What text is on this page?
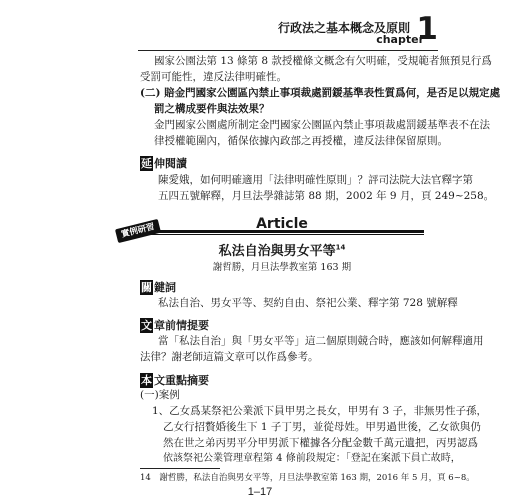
行政法之基本概念及原則
chapter
1
國家公園法第 13 條第 8 款授權條文概念有欠明確，受規範者無預見行爲
受罰可能性，違反法律明確性。
(二) 賠金門國家公園區內禁止事項裁處罰鍰基準表性質爲何，是否足以規定處
罰之構成要件與法效果？
金門國家公園處所制定金門國家公園區內禁止事項裁處罰鍰基準表不在法
律授權範圍內，循保依據內政部之再授權，違反法律保留原則。
延 伸閱讀
陳愛娥，如何明確適用「法律明確性原則」？評司法院大法官釋字第
五四五號解釋，月旦法學雜誌第 88 期，2002 年 9 月，頁 249~258。
Article
實例研習
私法自治與男女平等$^{14}$
謝哲勝，月旦法學教室第 163 期
關 鍵詞
私法自治、男女平等、契約自由、祭祀公業、釋字第 728 號解釋
文 章前情提要
當「私法自治」與「男女平等」這二個原則競合時，應該如何解釋適用
法律？謝老師這篇文章可以作爲參考。
本 文重點摘要
(一)案例
1、乙女爲某祭祀公業派下員甲男之長女，甲男有 3 子，非無男性子孫，
乙女行招贅婚後生下 1 子丁男，並從母姓。甲男過世後，乙女欲與仍
然在世之弟丙男平分甲男派下權據各分配金數千萬元遺把，丙男認爲
依該祭祀公業管理章程第 4 條前段規定：「登記在案派下員亡故時，
14　謝哲勝，私法自治與男女平等，月旦法學教室第 163 期，2016 年 5 月，頁 6~8。
1–17
